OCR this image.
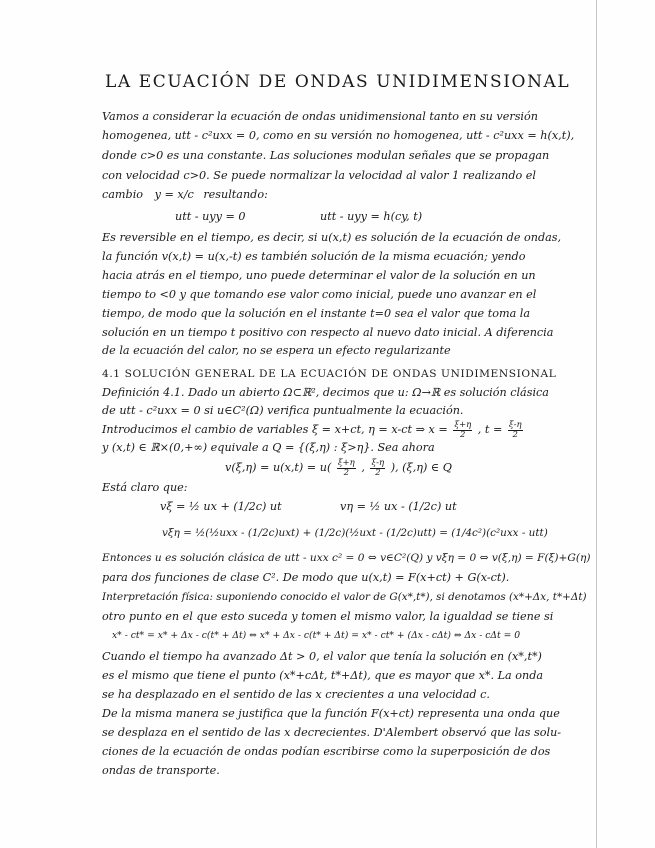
LA ECUACIÓN DE ONDAS UNIDIMENSIONAL
Vamos a considerar la ecuación de ondas unidimensional tanto en su versión
homogenea, utt - c²uxx = 0, como en su versión no homogenea, utt - c²uxx = h(x,t),
donde c>0 es una constante. Las soluciones modulan señales que se propagan
con velocidad c>0. Se puede normalizar la velocidad al valor 1 realizando el
cambio y = x/c resultando:
utt - uyy = 0	utt - uyy = h(cy, t)
Es reversible en el tiempo, es decir, si u(x,t) es solución de la ecuación de ondas,
la función v(x,t) = u(x,-t) es también solución de la misma ecuación; yendo
hacia atrás en el tiempo, uno puede determinar el valor de la solución en un
tiempo to <0 y que tomando ese valor como inicial, puede uno avanzar en el
tiempo, de modo que la solución en el instante t=0 sea el valor que toma la
solución en un tiempo t positivo con respecto al nuevo dato inicial. A diferencia
de la ecuación del calor, no se espera un efecto regularizante
4.1 SOLUCIÓN GENERAL DE LA ECUACIÓN DE ONDAS UNIDIMENSIONAL
Definición 4.1. Dado un abierto Ω⊂ℝ², decimos que u: Ω→ℝ es solución clásica
de utt - c²uxx = 0 si u∈C²(Ω) verifica puntualmente la ecuación.
Introducimos el cambio de variables ξ = x+ct, η = x-ct ⇒ $x = \frac{\xi+\eta}{2}$ , $t = \frac{\xi-\eta}{2}$
y (x,t) ∈ ℝ×(0,+∞) equivale a Q = {(ξ,η) : ξ>η}. Sea ahora
$v(\xi,\eta) = u(x,t) = u( \frac{\xi+\eta}{2}$ , $\frac{\xi-\eta}{2}$ ), (ξ,η) ∈ Q
Está claro que:
vξ = ½ ux + (1/2c) ut	vη = ½ ux - (1/2c) ut
vξη = ½(½uxx - (1/2c)uxt) + (1/2c)(½uxt - (1/2c)utt) = (1/4c²)(c²uxx - utt)
Entonces u es solución clásica de utt - uxx c² = 0 ⇔ v∈C²(Q) y vξη = 0 ⇔ v(ξ,η) = F(ξ)+G(η)
para dos funciones de clase C². De modo que u(x,t) = F(x+ct) + G(x-ct).
Interpretación física: suponiendo conocido el valor de G(x*,t*), si denotamos (x*+Δx, t*+Δt)
otro punto en el que esto suceda y tomen el mismo valor, la igualdad se tiene si
x* - ct* = x* + Δx - c(t* + Δt) ⇔ x* + Δx - c(t* + Δt) = x* - ct* + (Δx - cΔt) ⇔ Δx - cΔt = 0
Cuando el tiempo ha avanzado Δt > 0, el valor que tenía la solución en (x*,t*)
es el mismo que tiene el punto (x*+cΔt, t*+Δt), que es mayor que x*. La onda
se ha desplazado en el sentido de las x crecientes a una velocidad c.
De la misma manera se justifica que la función F(x+ct) representa una onda que
se desplaza en el sentido de las x decrecientes. D'Alembert observó que las solu-
ciones de la ecuación de ondas podían escribirse como la superposición de dos
ondas de transporte.
